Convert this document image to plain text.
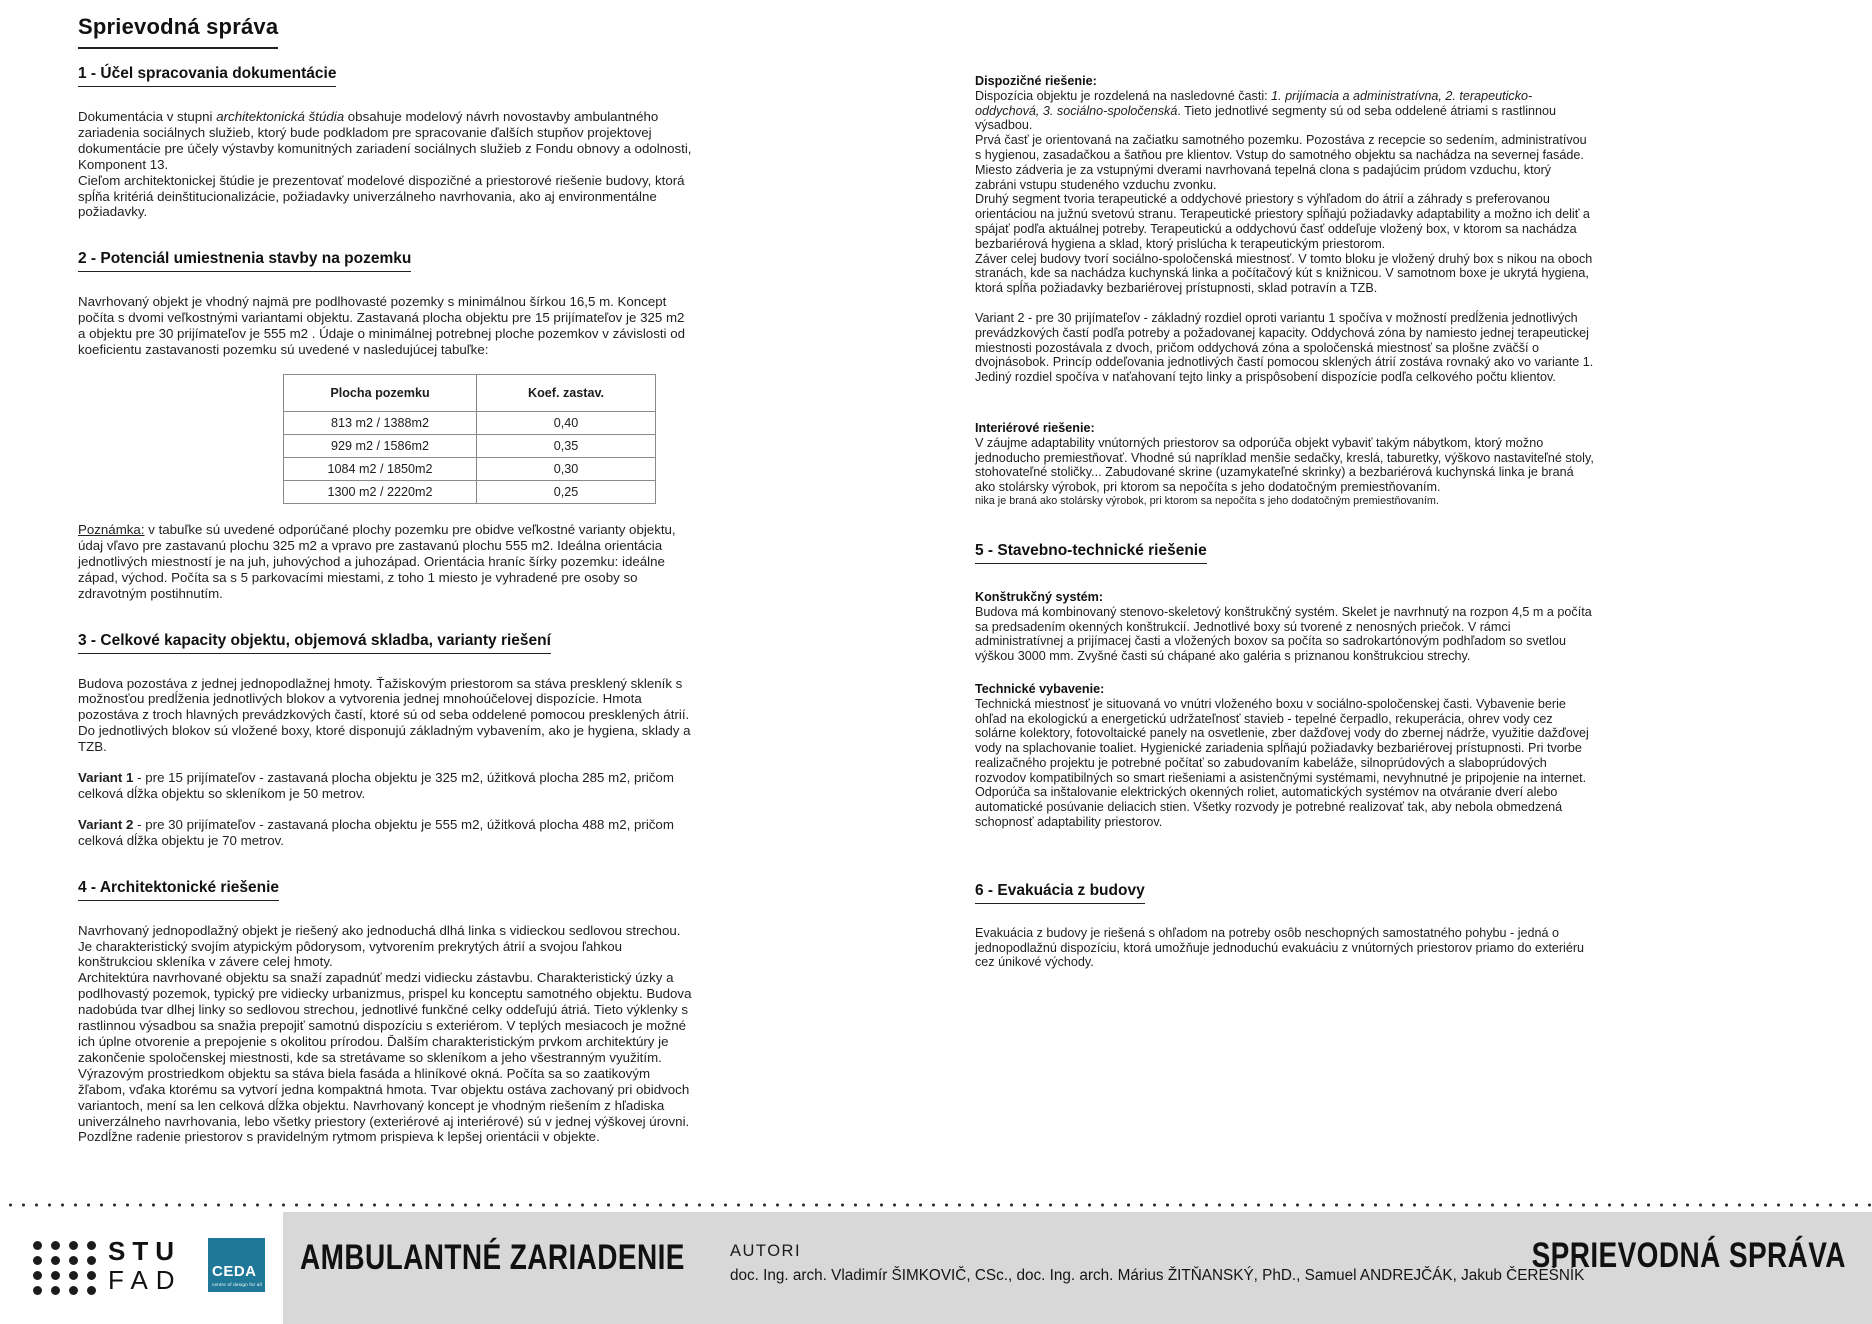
Sprievodná správa
1 - Účel spracovania dokumentácie

Dokumentácia v stupni architektonická štúdia obsahuje modelový návrh novostavby ambulantného zariadenia sociálnych služieb, ktorý bude podkladom pre spracovanie ďalších stupňov projektovej dokumentácie pre účely výstavby komunitných zariadení sociálnych služieb z Fondu obnovy a odolnosti, Komponent 13.

Cieľom architektonickej štúdie je prezentovať modelové dispozičné a priestorové riešenie budovy, ktorá spĺňa kritériá deinštitucionalizácie, požiadavky univerzálneho navrhovania, ako aj environmentálne požiadavky.

2 - Potenciál umiestnenia stavby na pozemku

Navrhovaný objekt je vhodný najmä pre podlhovasté pozemky s minimálnou šírkou 16,5 m. Koncept počíta s dvomi veľkostnými variantami objektu. Zastavaná plocha objektu pre 15 prijímateľov je 325 m2 a objektu pre 30 prijímateľov je 555 m2 . Údaje o minimálnej potrebnej ploche pozemkov v závislosti od koeficientu zastavanosti pozemku sú uvedené v nasledujúcej tabuľke:

Plocha pozemku	Koef. zastav.
813 m2 / 1388m2	0,40
929 m2 / 1586m2	0,35
1084 m2 / 1850m2	0,30
1300 m2 / 2220m2	0,25

Poznámka: v tabuľke sú uvedené odporúčané plochy pozemku pre obidve veľkostné varianty objektu, údaj vľavo pre zastavanú plochu 325 m2 a vpravo pre zastavanú plochu 555 m2. Ideálna orientácia jednotlivých miestností je na juh, juhovýchod a juhozápad. Orientácia hraníc šírky pozemku: ideálne západ, východ. Počíta sa s 5 parkovacími miestami, z toho 1 miesto je vyhradené pre osoby so zdravotným postihnutím.

3 - Celkové kapacity objektu, objemová skladba, varianty riešení

Budova pozostáva z jednej jednopodlažnej hmoty. Ťažiskovým priestorom sa stáva presklený skleník s možnosťou predĺženia jednotlivých blokov a vytvorenia jednej mnohoúčelovej dispozície. Hmota pozostáva z troch hlavných prevádzkových častí, ktoré sú od seba oddelené pomocou presklených átrií. Do jednotlivých blokov sú vložené boxy, ktoré disponujú základným vybavením, ako je hygiena, sklady a TZB.

Variant 1 - pre 15 prijímateľov - zastavaná plocha objektu je 325 m2, úžitková plocha 285 m2, pričom celková dĺžka objektu so skleníkom je 50 metrov.

Variant 2 - pre 30 prijímateľov - zastavaná plocha objektu je 555 m2, úžitková plocha 488 m2, pričom celková dĺžka objektu je 70 metrov.

4 - Architektonické riešenie

Navrhovaný jednopodlažný objekt je riešený ako jednoduchá dlhá linka s vidieckou sedlovou strechou. Je charakteristický svojím atypickým pôdorysom, vytvorením prekrytých átrií a svojou ľahkou konštrukciou skleníka v závere celej hmoty.

Architektúra navrhované objektu sa snaží zapadnúť medzi vidiecku zástavbu. Charakteristický úzky a podlhovastý pozemok, typický pre vidiecky urbanizmus, prispel ku konceptu samotného objektu. Budova nadobúda tvar dlhej linky so sedlovou strechou, jednotlivé funkčné celky oddeľujú átriá. Tieto výklenky s rastlinnou výsadbou sa snažia prepojiť samotnú dispozíciu s exteriérom. V teplých mesiacoch je možné ich úplne otvorenie a prepojenie s okolitou prírodou. Ďalším charakteristickým prvkom architektúry je zakončenie spoločenskej miestnosti, kde sa stretávame so skleníkom a jeho všestranným využitím. Výrazovým prostriedkom objektu sa stáva biela fasáda a hliníkové okná. Počíta sa so zaatikovým žľabom, vďaka ktorému sa vytvorí jedna kompaktná hmota. Tvar objektu ostáva zachovaný pri obidvoch variantoch, mení sa len celková dĺžka objektu. Navrhovaný koncept je vhodným riešením z hľadiska univerzálneho navrhovania, lebo všetky priestory (exteriérové aj interiérové) sú v jednej výškovej úrovni. Pozdĺžne radenie priestorov s pravidelným rytmom prispieva k lepšej orientácii v objekte.

Dispozičné riešenie:

Dispozícia objektu je rozdelená na nasledovné časti: 1. prijímacia a administratívna, 2. terapeuticko-oddychová, 3. sociálno-spoločenská. Tieto jednotlivé segmenty sú od seba oddelené átriami s rastlinnou výsadbou.

Prvá časť je orientovaná na začiatku samotného pozemku. Pozostáva z recepcie so sedením, administratívou s hygienou, zasadačkou a šatňou pre klientov. Vstup do samotného objektu sa nachádza na severnej fasáde. Miesto zádveria je za vstupnými dverami navrhovaná tepelná clona s padajúcim prúdom vzduchu, ktorý zabráni vstupu studeného vzduchu zvonku.

Druhý segment tvoria terapeutické a oddychové priestory s výhľadom do átrií a záhrady s preferovanou orientáciou na južnú svetovú stranu. Terapeutické priestory spĺňajú požiadavky adaptability a možno ich deliť a spájať podľa aktuálnej potreby. Terapeutickú a oddychovú časť oddeľuje vložený box, v ktorom sa nachádza bezbariérová hygiena a sklad, ktorý prislúcha k terapeutickým priestorom.

Záver celej budovy tvorí sociálno-spoločenská miestnosť. V tomto bloku je vložený druhý box s nikou na oboch stranách, kde sa nachádza kuchynská linka a počítačový kút s knižnicou. V samotnom boxe je ukrytá hygiena, ktorá spĺňa požiadavky bezbariérovej prístupnosti, sklad potravín a TZB.

Variant 2 - pre 30 prijímateľov - základný rozdiel oproti variantu 1 spočíva v možností predĺženia jednotlivých prevádzkových častí podľa potreby a požadovanej kapacity. Oddychová zóna by namiesto jednej terapeutickej miestnosti pozostávala z dvoch, pričom oddychová zóna a spoločenská miestnosť sa plošne zväčší o dvojnásobok. Princíp oddeľovania jednotlivých častí pomocou sklených átrií zostáva rovnaký ako vo variante 1. Jediný rozdiel spočíva v naťahovaní tejto linky a prispôsobení dispozície podľa celkového počtu klientov.

Interiérové riešenie:

V záujme adaptability vnútorných priestorov sa odporúča objekt vybaviť takým nábytkom, ktorý možno jednoducho premiestňovať. Vhodné sú napríklad menšie sedačky, kreslá, taburetky, výškovo nastaviteľné stoly, stohovateľné stoličky... Zabudované skrine (uzamykateľné skrinky) a bezbariérová kuchynská linka je braná ako stolársky výrobok, pri ktorom sa nepočíta s jeho dodatočným premiestňovaním.

nika je braná ako stolársky výrobok, pri ktorom sa nepočíta s jeho dodatočným premiestňovaním.

5 - Stavebno-technické riešenie

Konštrukčný systém:

Budova má kombinovaný stenovo-skeletový konštrukčný systém. Skelet je navrhnutý na rozpon 4,5 m a počíta sa predsadením okenných konštrukcií. Jednotlivé boxy sú tvorené z nenosných priečok. V rámci administratívnej a prijímacej časti a vložených boxov sa počíta so sadrokartónovým podhľadom so svetlou výškou 3000 mm. Zvyšné časti sú chápané ako galéria s priznanou konštrukciou strechy.

Technické vybavenie:

Technická miestnosť je situovaná vo vnútri vloženého boxu v sociálno-spoločenskej časti. Vybavenie berie ohľad na ekologickú a energetickú udržateľnosť stavieb - tepelné čerpadlo, rekuperácia, ohrev vody cez solárne kolektory, fotovoltaické panely na osvetlenie, zber dažďovej vody do zbernej nádrže, využitie dažďovej vody na splachovanie toaliet. Hygienické zariadenia spĺňajú požiadavky bezbariérovej prístupnosti. Pri tvorbe realizačného projektu je potrebné počítať so zabudovaním kabeláže, silnoprúdových a slaboprúdových rozvodov kompatibilných so smart riešeniami a asistenčnými systémami, nevyhnutné je pripojenie na internet. Odporúča sa inštalovanie elektrických okenných roliet, automatických systémov na otváranie dverí alebo automatické posúvanie deliacich stien. Všetky rozvody je potrebné realizovať tak, aby nebola obmedzená schopnosť adaptability priestorov.

6 - Evakuácia z budovy

Evakuácia z budovy je riešená s ohľadom na potreby osôb neschopných samostatného pohybu - jedná o jednopodlažnú dispozíciu, ktorá umožňuje jednoduchú evakuáciu z vnútorných priestorov priamo do exteriéru cez únikové východy.

STU
FAD CEDA
centre of design for all
AMBULANTNÉ ZARIADENIE	AUTORI
doc. Ing. arch. Vladimír ŠIMKOVIČ, CSc., doc. Ing. arch. Márius ŽITŇANSKÝ, PhD., Samuel ANDREJČÁK, Jakub ČEREŠNÍK
SPRIEVODNÁ SPRÁVA
